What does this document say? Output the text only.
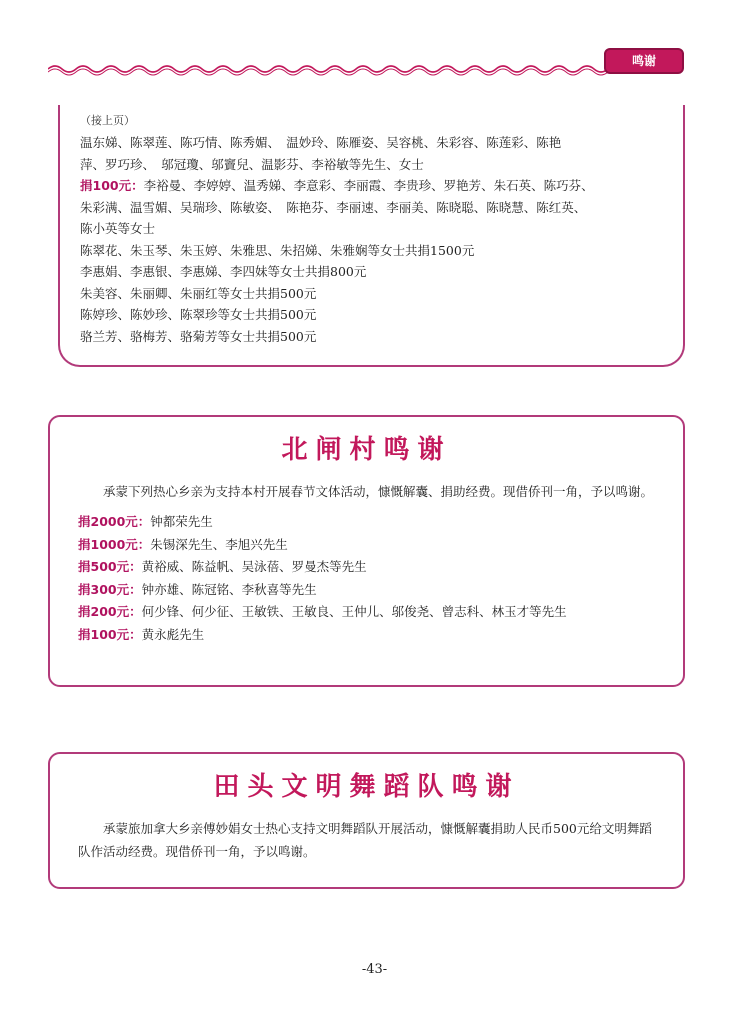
鸣谢
（接上页）

温东娣、陈翠莲、陈巧情、陈秀媚、　温妙玲、陈雁姿、吴容桃、朱彩容、陈莲彩、陈艳

萍、罗巧珍、　邬冠瓊、邬竇兒、温影芬、李裕敏等先生、女士

捐100元：李裕曼、李婷婷、温秀娣、李意彩、李丽霞、李贵珍、罗艳芳、朱石英、陈巧芬、

朱彩满、温雪媚、吴瑞珍、陈敏姿、　陈艳芬、李丽速、李丽美、陈晓聪、陈晓慧、陈红英、

陈小英等女士

陈翠花、朱玉琴、朱玉婷、朱雅思、朱招娣、朱雅娴等女士共捐1500元

李惠娟、李惠银、李惠娣、李四妹等女士共捐800元

朱美容、朱丽卿、朱丽红等女士共捐500元

陈婷珍、陈妙珍、陈翠珍等女士共捐500元

骆兰芳、骆梅芳、骆菊芳等女士共捐500元

北闸村鸣谢

承蒙下列热心乡亲为支持本村开展春节文体活动，慷慨解囊、捐助经费。现借侨刊一角，予以鸣谢。

捐2000元：钟都荣先生

捐1000元：朱锡深先生、李旭兴先生

捐500元：黄裕威、陈益帆、吴泳蓓、罗曼杰等先生

捐300元：钟亦雄、陈冠铭、李秋喜等先生

捐200元：何少锋、何少征、王敏铁、王敏良、王仲儿、邬俊尧、曾志科、林玉才等先生

捐100元：黄永彪先生

田头文明舞蹈队鸣谢

承蒙旅加拿大乡亲傅妙娟女士热心支持文明舞蹈队开展活动，慷慨解囊捐助人民币500元给文明舞蹈队作活动经费。现借侨刊一角，予以鸣谢。

-43-
